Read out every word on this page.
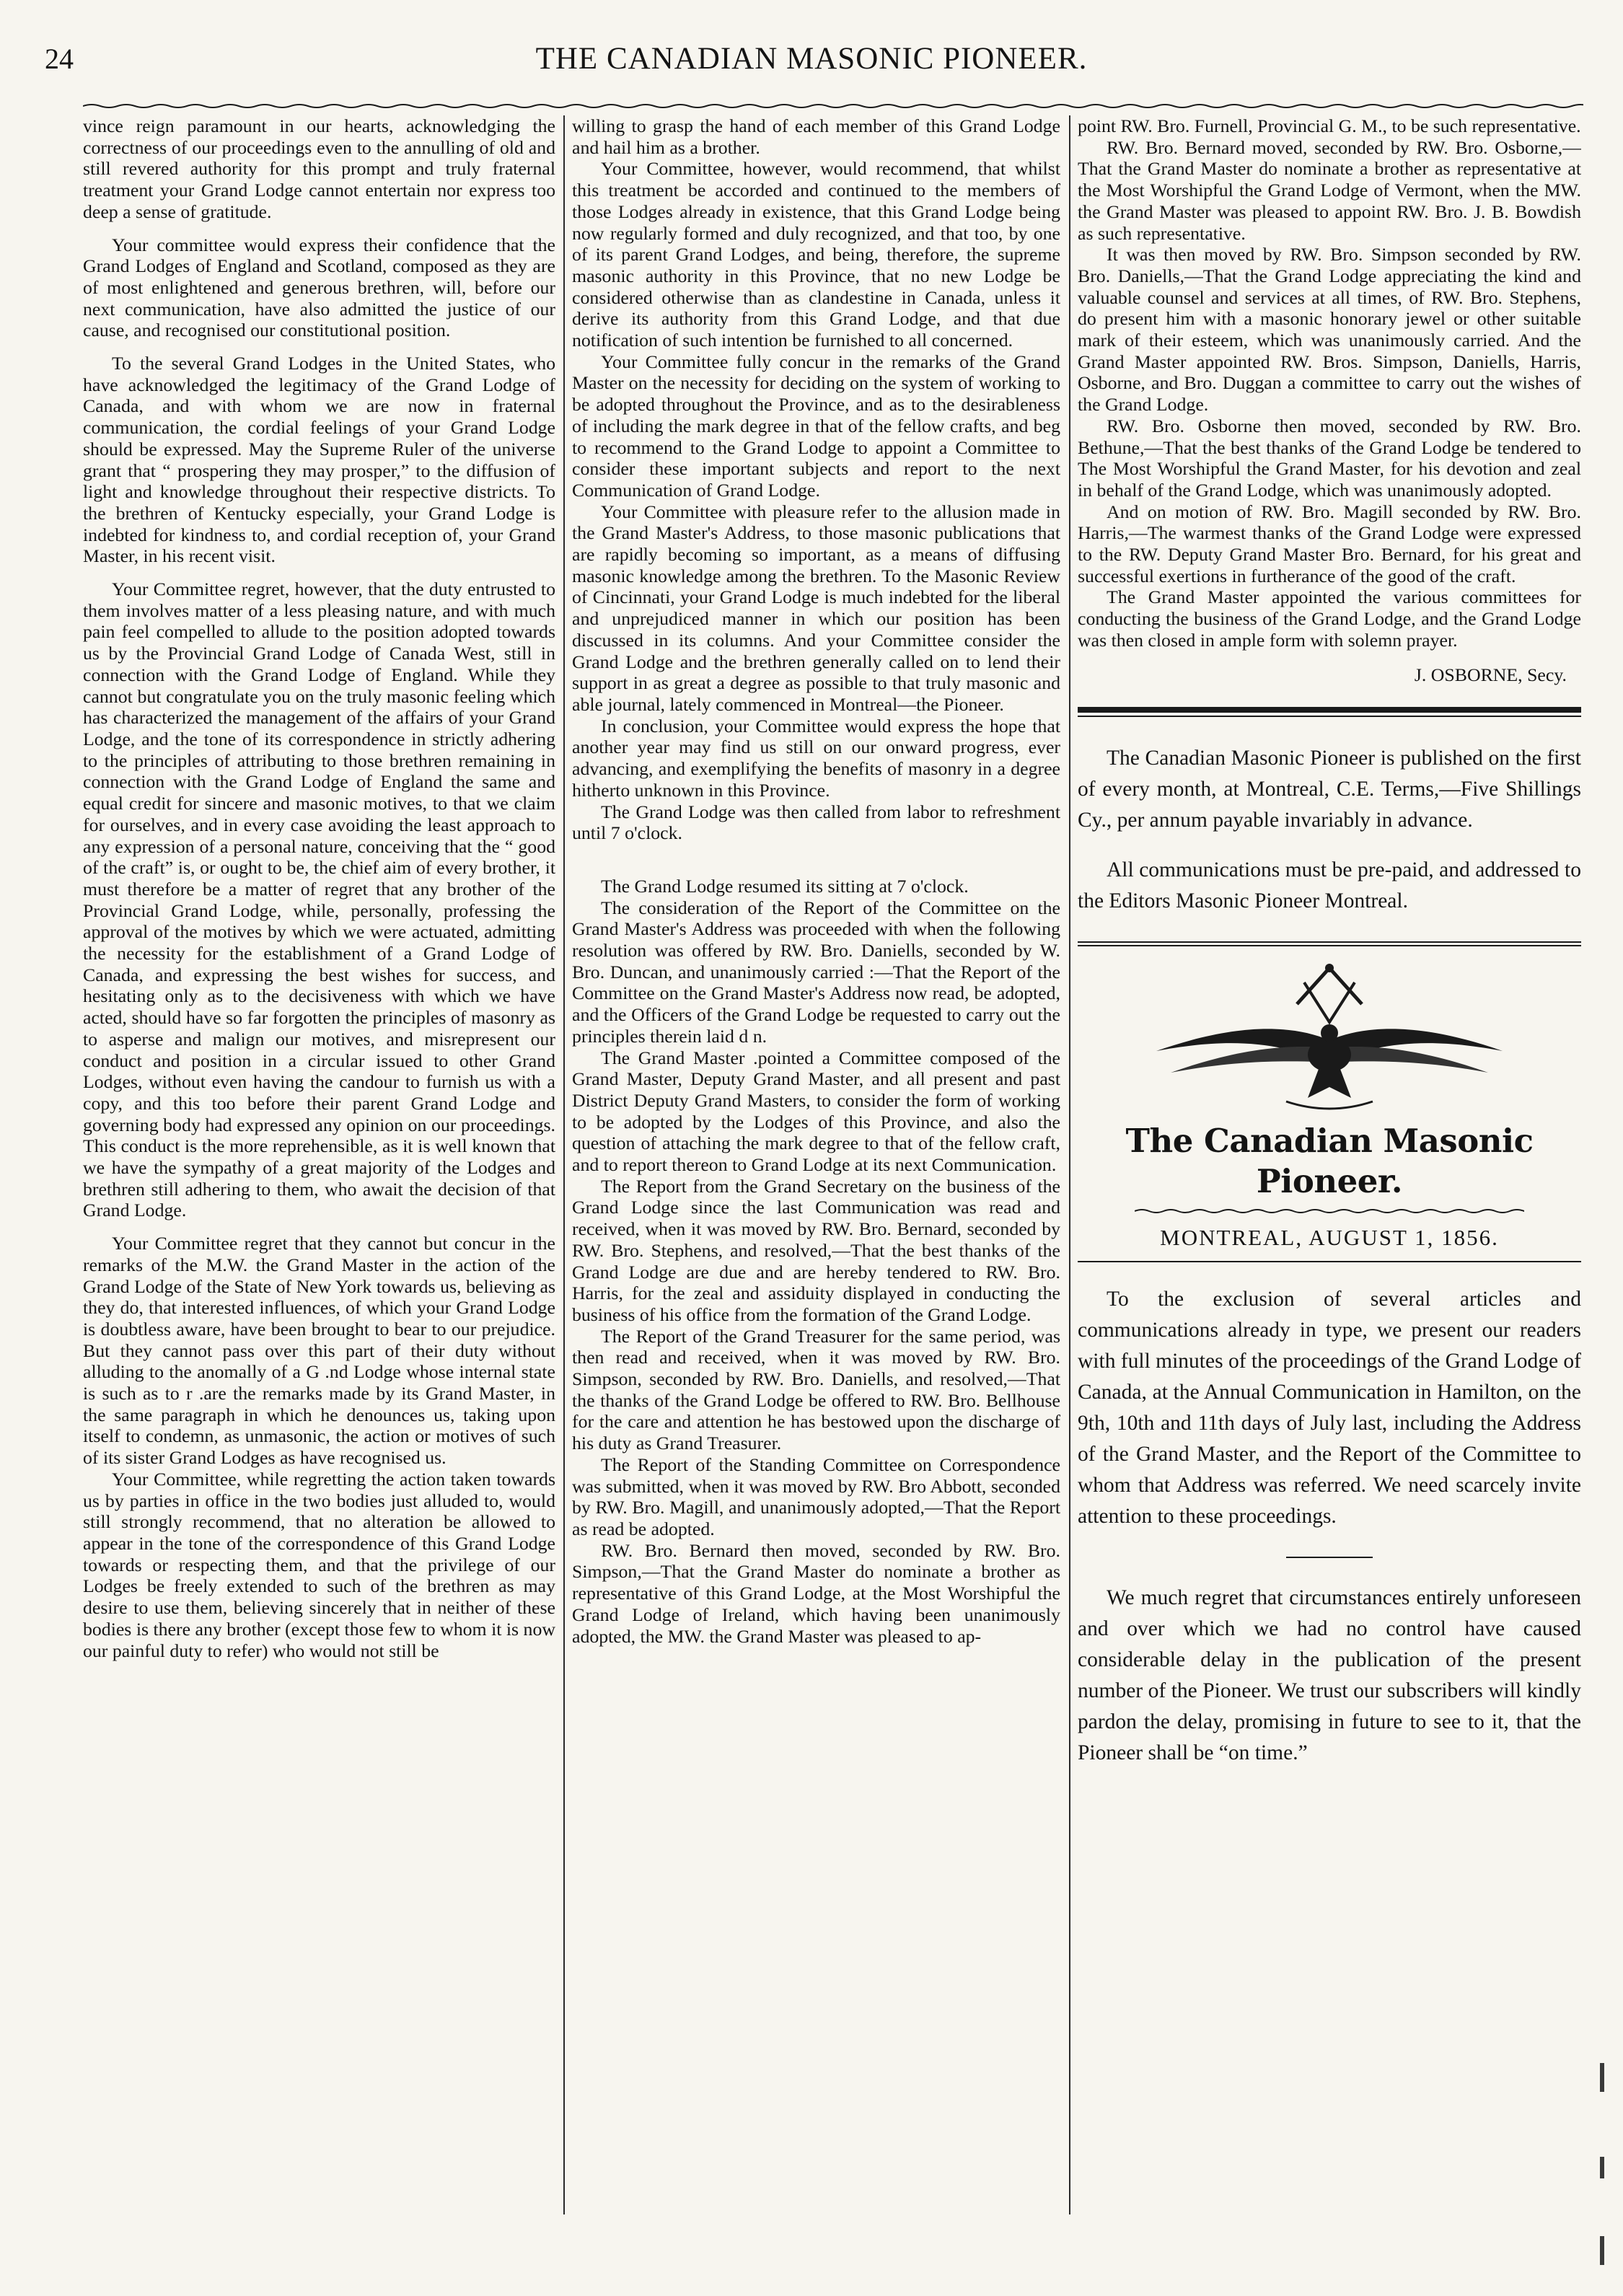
24	THE CANADIAN MASONIC PIONEER.

vince reign paramount in our hearts, acknowledging the correctness of our proceedings even to the annulling of old and still revered authority for this prompt and truly fraternal treatment your Grand Lodge cannot entertain nor express too deep a sense of gratitude.

Your committee would express their confidence that the Grand Lodges of England and Scotland, composed as they are of most enlightened and generous brethren, will, before our next communication, have also admitted the justice of our cause, and recognised our constitutional position.

To the several Grand Lodges in the United States, who have acknowledged the legitimacy of the Grand Lodge of Canada, and with whom we are now in fraternal communication, the cordial feelings of your Grand Lodge should be expressed. May the Supreme Ruler of the universe grant that “ prospering they may prosper,” to the diffusion of light and knowledge throughout their respective districts. To the brethren of Kentucky especially, your Grand Lodge is indebted for kindness to, and cordial reception of, your Grand Master, in his recent visit.

Your Committee regret, however, that the duty entrusted to them involves matter of a less pleasing nature, and with much pain feel compelled to allude to the position adopted towards us by the Provincial Grand Lodge of Canada West, still in connection with the Grand Lodge of England. While they cannot but congratulate you on the truly masonic feeling which has characterized the management of the affairs of your Grand Lodge, and the tone of its correspondence in strictly adhering to the principles of attributing to those brethren remaining in connection with the Grand Lodge of England the same and equal credit for sincere and masonic motives, to that we claim for ourselves, and in every case avoiding the least approach to any expression of a personal nature, conceiving that the “ good of the craft” is, or ought to be, the chief aim of every brother, it must therefore be a matter of regret that any brother of the Provincial Grand Lodge, while, personally, professing the approval of the motives by which we were actuated, admitting the necessity for the establishment of a Grand Lodge of Canada, and expressing the best wishes for success, and hesitating only as to the decisiveness with which we have acted, should have so far forgotten the principles of masonry as to asperse and malign our motives, and misrepresent our conduct and position in a circular issued to other Grand Lodges, without even having the candour to furnish us with a copy, and this too before their parent Grand Lodge and governing body had expressed any opinion on our proceedings. This conduct is the more reprehensible, as it is well known that we have the sympathy of a great majority of the Lodges and brethren still adhering to them, who await the decision of that Grand Lodge.

Your Committee regret that they cannot but concur in the remarks of the M.W. the Grand Master in the action of the Grand Lodge of the State of New York towards us, believing as they do, that interested influences, of which your Grand Lodge is doubtless aware, have been brought to bear to our prejudice. But they cannot pass over this part of their duty without alluding to the anomally of a G .nd Lodge whose internal state is such as to r .are the remarks made by its Grand Master, in the same paragraph in which he denounces us, taking upon itself to condemn, as unmasonic, the action or motives of such of its sister Grand Lodges as have recognised us.

Your Committee, while regretting the action taken towards us by parties in office in the two bodies just alluded to, would still strongly recommend, that no alteration be allowed to appear in the tone of the correspondence of this Grand Lodge towards or respecting them, and that the privilege of our Lodges be freely extended to such of the brethren as may desire to use them, believing sincerely that in neither of these bodies is there any brother (except those few to whom it is now our painful duty to refer) who would not still be

willing to grasp the hand of each member of this Grand Lodge and hail him as a brother.

Your Committee, however, would recommend, that whilst this treatment be accorded and continued to the members of those Lodges already in existence, that this Grand Lodge being now regularly formed and duly recognized, and that too, by one of its parent Grand Lodges, and being, therefore, the supreme masonic authority in this Province, that no new Lodge be considered otherwise than as clandestine in Canada, unless it derive its authority from this Grand Lodge, and that due notification of such intention be furnished to all concerned.

Your Committee fully concur in the remarks of the Grand Master on the necessity for deciding on the system of working to be adopted throughout the Province, and as to the desirableness of including the mark degree in that of the fellow crafts, and beg to recommend to the Grand Lodge to appoint a Committee to consider these important subjects and report to the next Communication of Grand Lodge.

Your Committee with pleasure refer to the allusion made in the Grand Master's Address, to those masonic publications that are rapidly becoming so important, as a means of diffusing masonic knowledge among the brethren. To the Masonic Review of Cincinnati, your Grand Lodge is much indebted for the liberal and unprejudiced manner in which our position has been discussed in its columns. And your Committee consider the Grand Lodge and the brethren generally called on to lend their support in as great a degree as possible to that truly masonic and able journal, lately commenced in Montreal—the Pioneer.

In conclusion, your Committee would express the hope that another year may find us still on our onward progress, ever advancing, and exemplifying the benefits of masonry in a degree hitherto unknown in this Province.

The Grand Lodge was then called from labor to refreshment until 7 o'clock.

The Grand Lodge resumed its sitting at 7 o'clock.

The consideration of the Report of the Committee on the Grand Master's Address was proceeded with when the following resolution was offered by RW. Bro. Daniells, seconded by W. Bro. Duncan, and unanimously carried :—That the Report of the Committee on the Grand Master's Address now read, be adopted, and the Officers of the Grand Lodge be requested to carry out the principles therein laid d n.

The Grand Master .pointed a Committee composed of the Grand Master, Deputy Grand Master, and all present and past District Deputy Grand Masters, to consider the form of working to be adopted by the Lodges of this Province, and also the question of attaching the mark degree to that of the fellow craft, and to report thereon to Grand Lodge at its next Communication.

The Report from the Grand Secretary on the business of the Grand Lodge since the last Communication was read and received, when it was moved by RW. Bro. Bernard, seconded by RW. Bro. Stephens, and resolved,—That the best thanks of the Grand Lodge are due and are hereby tendered to RW. Bro. Harris, for the zeal and assiduity displayed in conducting the business of his office from the formation of the Grand Lodge.

The Report of the Grand Treasurer for the same period, was then read and received, when it was moved by RW. Bro. Simpson, seconded by RW. Bro. Daniells, and resolved,—That the thanks of the Grand Lodge be offered to RW. Bro. Bellhouse for the care and attention he has bestowed upon the discharge of his duty as Grand Treasurer.

The Report of the Standing Committee on Correspondence was submitted, when it was moved by RW. Bro Abbott, seconded by RW. Bro. Magill, and unanimously adopted,—That the Report as read be adopted.

RW. Bro. Bernard then moved, seconded by RW. Bro. Simpson,—That the Grand Master do nominate a brother as representative of this Grand Lodge, at the Most Worshipful the Grand Lodge of Ireland, which having been unanimously adopted, the MW. the Grand Master was pleased to ap-

point RW. Bro. Furnell, Provincial G. M., to be such representative.

RW. Bro. Bernard moved, seconded by RW. Bro. Osborne,—That the Grand Master do nominate a brother as representative at the Most Worshipful the Grand Lodge of Vermont, when the MW. the Grand Master was pleased to appoint RW. Bro. J. B. Bowdish as such representative.

It was then moved by RW. Bro. Simpson seconded by RW. Bro. Daniells,—That the Grand Lodge appreciating the kind and valuable counsel and services at all times, of RW. Bro. Stephens, do present him with a masonic honorary jewel or other suitable mark of their esteem, which was unanimously carried. And the Grand Master appointed RW. Bros. Simpson, Daniells, Harris, Osborne, and Bro. Duggan a committee to carry out the wishes of the Grand Lodge.

RW. Bro. Osborne then moved, seconded by RW. Bro. Bethune,—That the best thanks of the Grand Lodge be tendered to The Most Worshipful the Grand Master, for his devotion and zeal in behalf of the Grand Lodge, which was unanimously adopted.

And on motion of RW. Bro. Magill seconded by RW. Bro. Harris,—The warmest thanks of the Grand Lodge were expressed to the RW. Deputy Grand Master Bro. Bernard, for his great and successful exertions in furtherance of the good of the craft.

The Grand Master appointed the various committees for conducting the business of the Grand Lodge, and the Grand Lodge was then closed in ample form with solemn prayer.

J. OSBORNE, Secy.

The Canadian Masonic Pioneer is published on the first of every month, at Montreal, C.E. Terms,—Five Shillings Cy., per annum payable invariably in advance.

All communications must be pre-paid, and addressed to the Editors Masonic Pioneer Montreal.

The Canadian Masonic Pioneer.
MONTREAL, AUGUST 1, 1856.

To the exclusion of several articles and communications already in type, we present our readers with full minutes of the proceedings of the Grand Lodge of Canada, at the Annual Communication in Hamilton, on the 9th, 10th and 11th days of July last, including the Address of the Grand Master, and the Report of the Committee to whom that Address was referred. We need scarcely invite attention to these proceedings.

We much regret that circumstances entirely unforeseen and over which we had no control have caused considerable delay in the publication of the present number of the Pioneer. We trust our subscribers will kindly pardon the delay, promising in future to see to it, that the Pioneer shall be “on time.”
